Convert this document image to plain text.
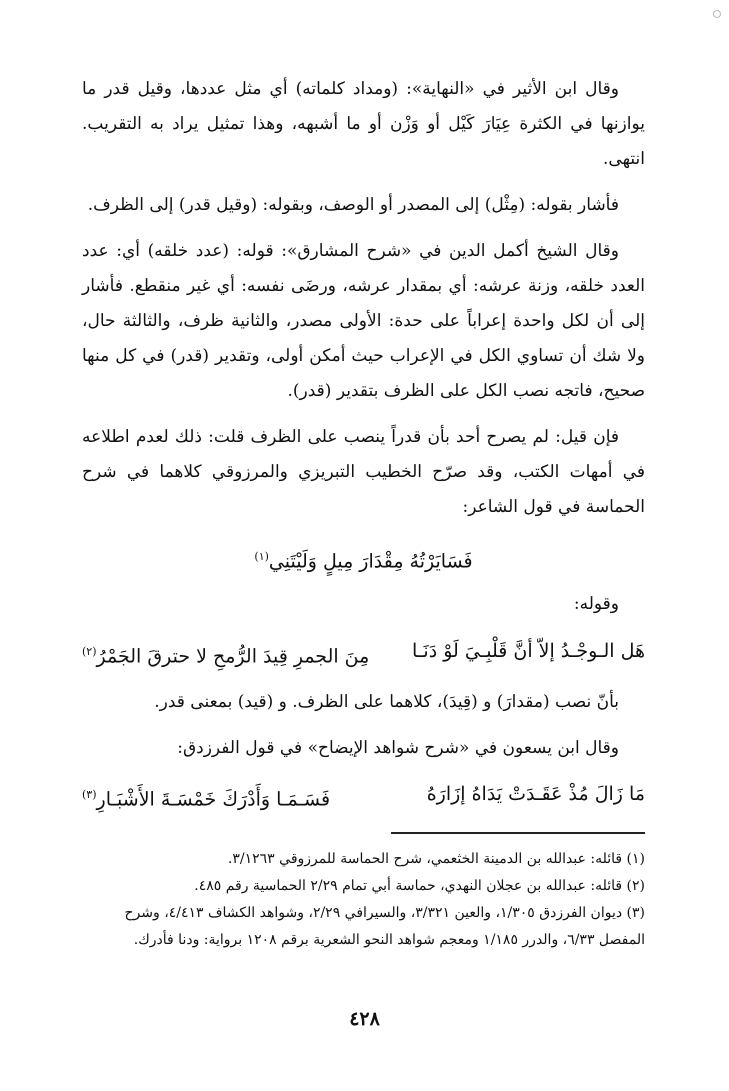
وقال ابن الأثير في «النهاية»: (ومداد كلماته) أي مثل عددها، وقيل قدر ما يوازنها في الكثرة عِيَارَ كَيْل أو وَزْن أو ما أشبهه، وهذا تمثيل يراد به التقريب. انتهى.

فأشار بقوله: (مِثْل) إلى المصدر أو الوصف، وبقوله: (وقيل قدر) إلى الظرف.

وقال الشيخ أكمل الدين في «شرح المشارق»: قوله: (عدد خلقه) أي: عدد العدد خلقه، وزنة عرشه: أي بمقدار عرشه، ورضَى نفسه: أي غير منقطع. فأشار إلى أن لكل واحدة إعراباً على حدة: الأولى مصدر، والثانية ظرف، والثالثة حال، ولا شك أن تساوي الكل في الإعراب حيث أمكن أولى، وتقدير (قدر) في كل منها صحيح، فاتجه نصب الكل على الظرف بتقدير (قدر).

فإن قيل: لم يصرح أحد بأن قدراً ينصب على الظرف قلت: ذلك لعدم اطلاعه في أمهات الكتب، وقد صرّح الخطيب التبريزي والمرزوقي كلاهما في شرح الحماسة في قول الشاعر:

فَسَايَرْتُهُ مِقْدَارَ مِيلٍ وَلَيْتَنِي$^{(١)}$

وقوله:

هَل الـوجْـدُ إلاّ أنَّ قَلْبِـيَ لَوْ دَنَـا
مِنَ الجمرِ قِيدَ الرُّمحِ لا حترقَ الجَمْرُ$^{(٢)}$

بأنّ نصب (مقدارَ) و (قِيدَ)، كلاهما على الظرف. و (قيد) بمعنى قدر.

وقال ابن يسعون في «شرح شواهد الإيضاح» في قول الفرزدق:

مَا زَالَ مُذْ عَقَـدَتْ يَدَاهُ إزَارَهُ
فَسَـمَـا وَأَدْرَكَ خَمْسَـةَ الأَشْبَـارِ$^{(٣)}$

(١) قائله: عبدالله بن الدمينة الخثعمي، شرح الحماسة للمرزوقي ٣/١٢٦٣.

(٢) قائله: عبدالله بن عجلان النهدي، حماسة أبي تمام ٢/٢٩ الحماسية رقم ٤٨٥.

(٣) ديوان الفرزدق ١/٣٠٥، والعين ٣/٣٢١، والسيرافي ٢/٢٩، وشواهد الكشاف ٤/٤١٣، وشرح المفصل ٦/٣٣، والدرر ١/١٨٥ ومعجم شواهد النحو الشعرية برقم ١٢٠٨ برواية: ودنا فأدرك.

٤٢٨
